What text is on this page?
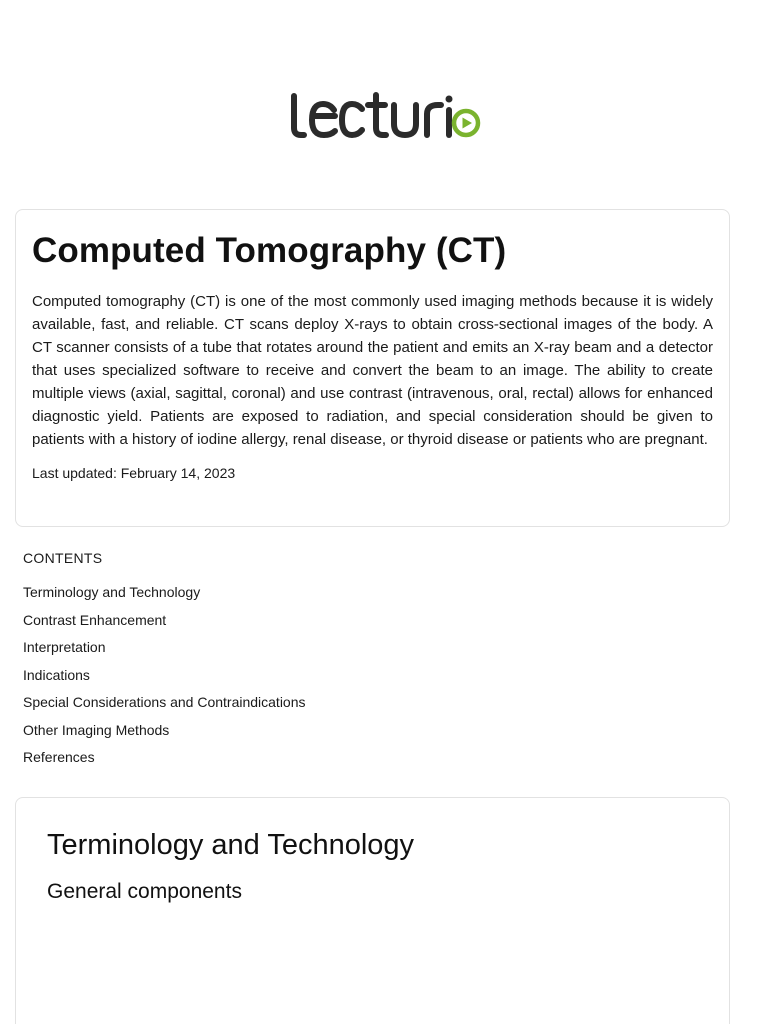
Computed Tomography (CT)

Computed tomography (CT) is one of the most commonly used imaging methods because it is widely available, fast, and reliable. CT scans deploy X-rays to obtain cross-sectional images of the body. A CT scanner consists of a tube that rotates around the patient and emits an X-ray beam and a detector that uses specialized software to receive and convert the beam to an image. The ability to create multiple views (axial, sagittal, coronal) and use contrast (intravenous, oral, rectal) allows for enhanced diagnostic yield. Patients are exposed to radiation, and special consideration should be given to patients with a history of iodine allergy, renal disease, or thyroid disease or patients who are pregnant.

Last updated: February 14, 2023

CONTENTS
Terminology and Technology
Contrast Enhancement
Interpretation
Indications
Special Considerations and Contraindications
Other Imaging Methods
References
Terminology and Technology
General components
